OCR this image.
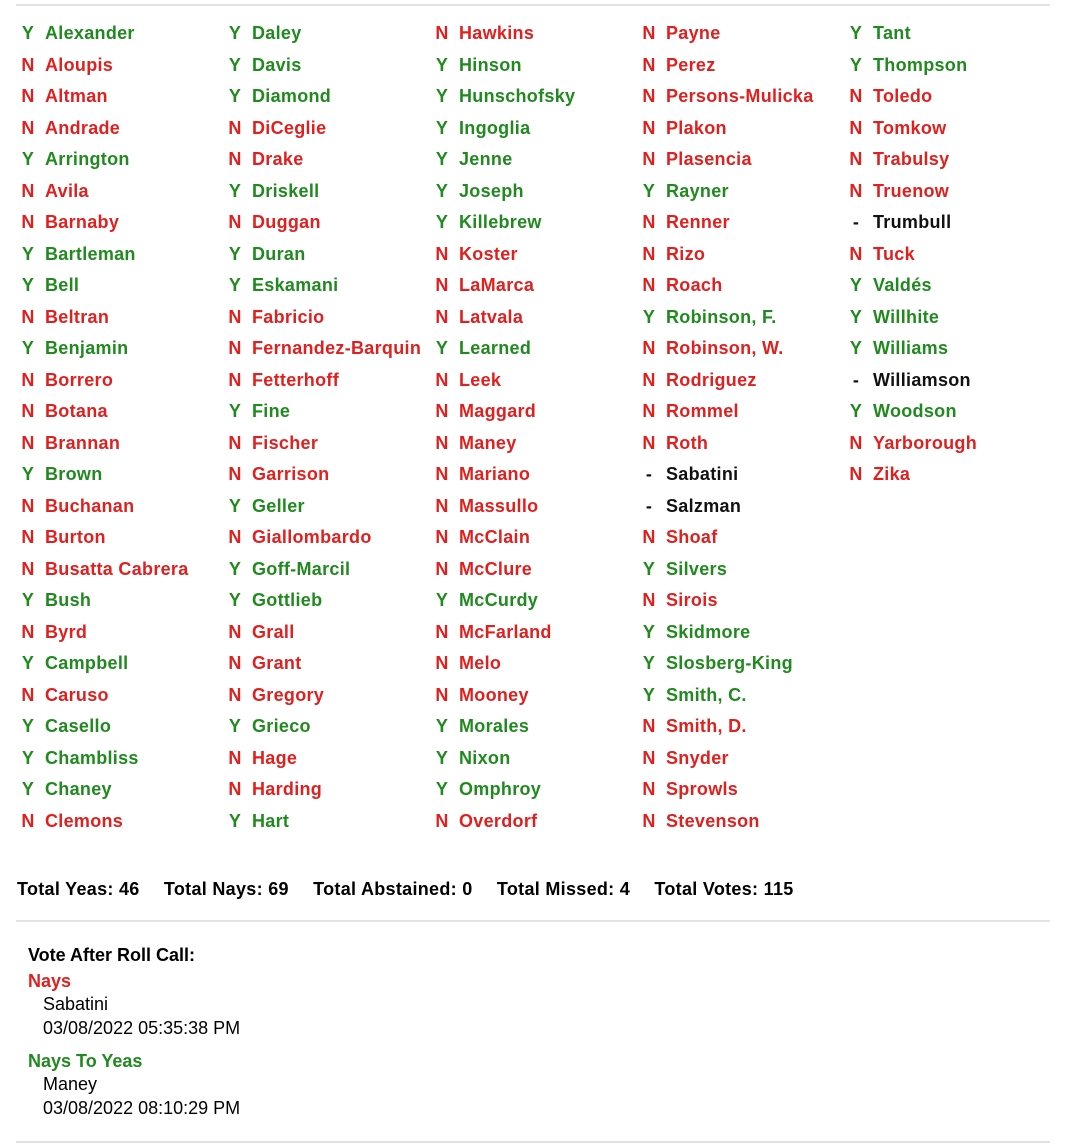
Y Alexander
N Aloupis
N Altman
N Andrade
Y Arrington
N Avila
N Barnaby
Y Bartleman
Y Bell
N Beltran
Y Benjamin
N Borrero
N Botana
N Brannan
Y Brown
N Buchanan
N Burton
N Busatta Cabrera
Y Bush
N Byrd
Y Campbell
N Caruso
Y Casello
Y Chambliss
Y Chaney
N Clemons
Y Daley
Y Davis
Y Diamond
N DiCeglie
N Drake
Y Driskell
N Duggan
Y Duran
Y Eskamani
N Fabricio
N Fernandez-Barquin
N Fetterhoff
Y Fine
N Fischer
N Garrison
Y Geller
N Giallombardo
Y Goff-Marcil
Y Gottlieb
N Grall
N Grant
N Gregory
Y Grieco
N Hage
N Harding
Y Hart
N Hawkins
Y Hinson
Y Hunschofsky
Y Ingoglia
Y Jenne
Y Joseph
Y Killebrew
N Koster
N LaMarca
N Latvala
Y Learned
N Leek
N Maggard
N Maney
N Mariano
N Massullo
N McClain
N McClure
Y McCurdy
N McFarland
N Melo
N Mooney
Y Morales
Y Nixon
Y Omphroy
N Overdorf
N Payne
N Perez
N Persons-Mulicka
N Plakon
N Plasencia
Y Rayner
N Renner
N Rizo
N Roach
Y Robinson, F.
N Robinson, W.
N Rodriguez
N Rommel
N Roth
- Sabatini
- Salzman
N Shoaf
Y Silvers
N Sirois
Y Skidmore
Y Slosberg-King
Y Smith, C.
N Smith, D.
N Snyder
N Sprowls
N Stevenson
Y Tant
Y Thompson
N Toledo
N Tomkow
N Trabulsy
N Truenow
- Trumbull
N Tuck
Y Valdés
Y Willhite
Y Williams
- Williamson
Y Woodson
N Yarborough
N Zika
Total Yeas: 46 Total Nays: 69 Total Abstained: 0 Total Missed: 4 Total Votes: 115
Vote After Roll Call:
Nays
Sabatini
03/08/2022 05:35:38 PM
Nays To Yeas
Maney
03/08/2022 08:10:29 PM
